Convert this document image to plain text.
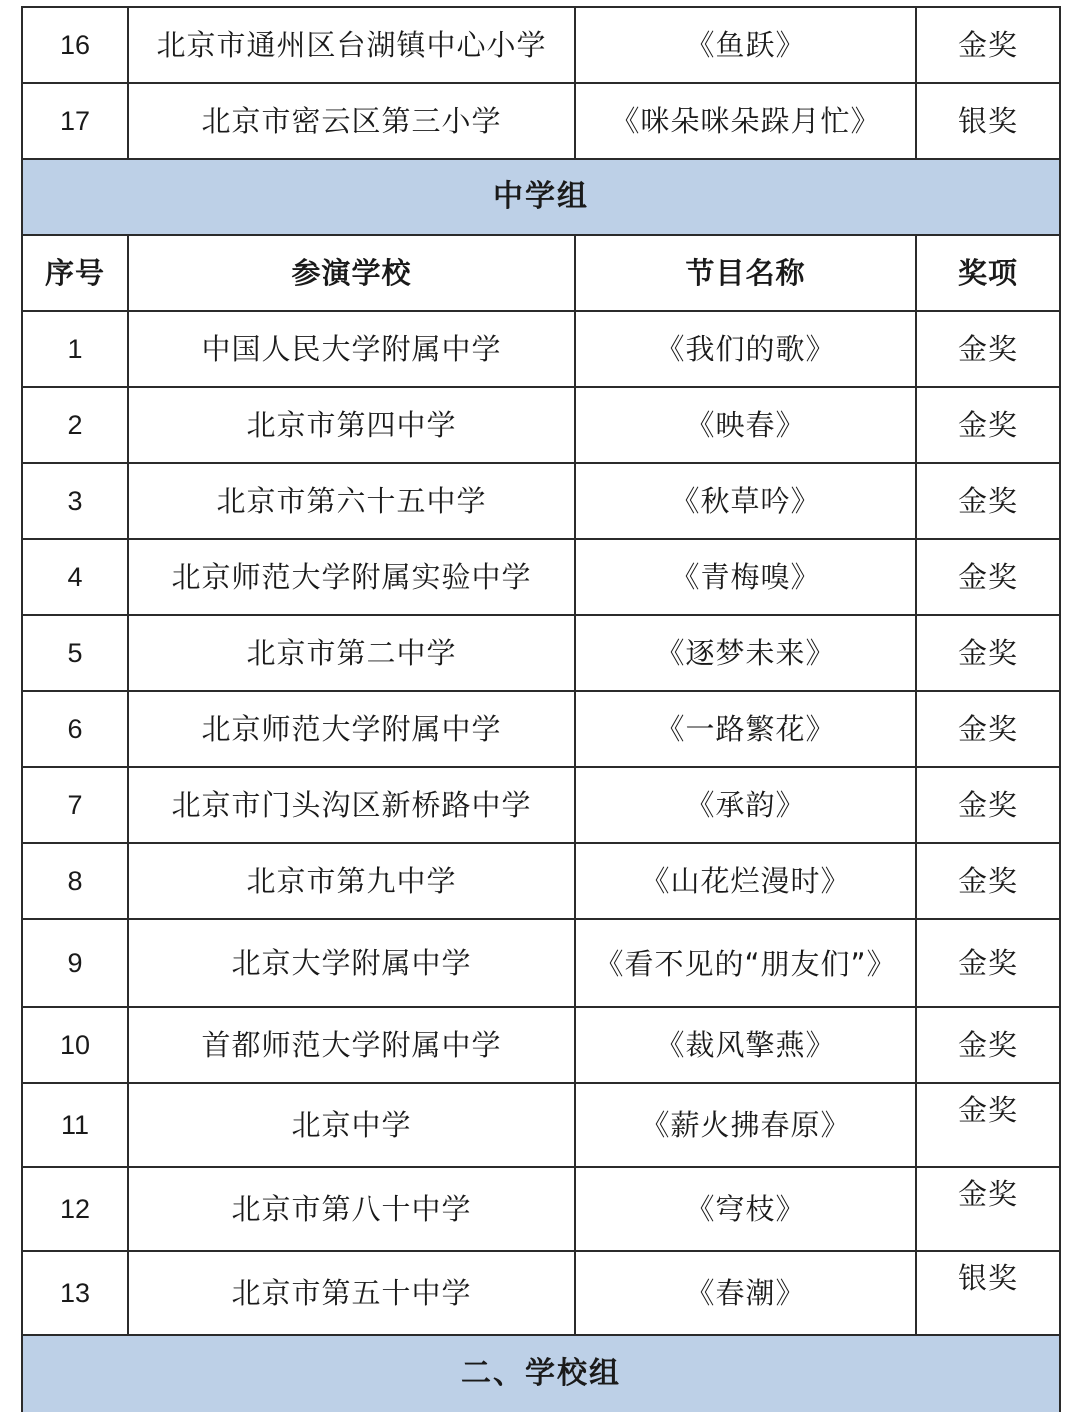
16	北京市通州区台湖镇中心小学	《鱼跃》	金奖
17	北京市密云区第三小学	《咪朵咪朵跺月忙》	银奖
中学组			
序号	参演学校	节目名称	奖项
1	中国人民大学附属中学	《我们的歌》	金奖
2	北京市第四中学	《映春》	金奖
3	北京市第六十五中学	《秋草吟》	金奖
4	北京师范大学附属实验中学	《青梅嗅》	金奖
5	北京市第二中学	《逐梦未来》	金奖
6	北京师范大学附属中学	《一路繁花》	金奖
7	北京市门头沟区新桥路中学	《承韵》	金奖
8	北京市第九中学	《山花烂漫时》	金奖
9	北京大学附属中学	《看不见的“朋友们”》	金奖
10	首都师范大学附属中学	《裁风擎燕》	金奖
11	北京中学	《薪火拂春原》	金奖
12	北京市第八十中学	《穹枝》	金奖
13	北京市第五十中学	《春潮》	银奖
二、学校组			
